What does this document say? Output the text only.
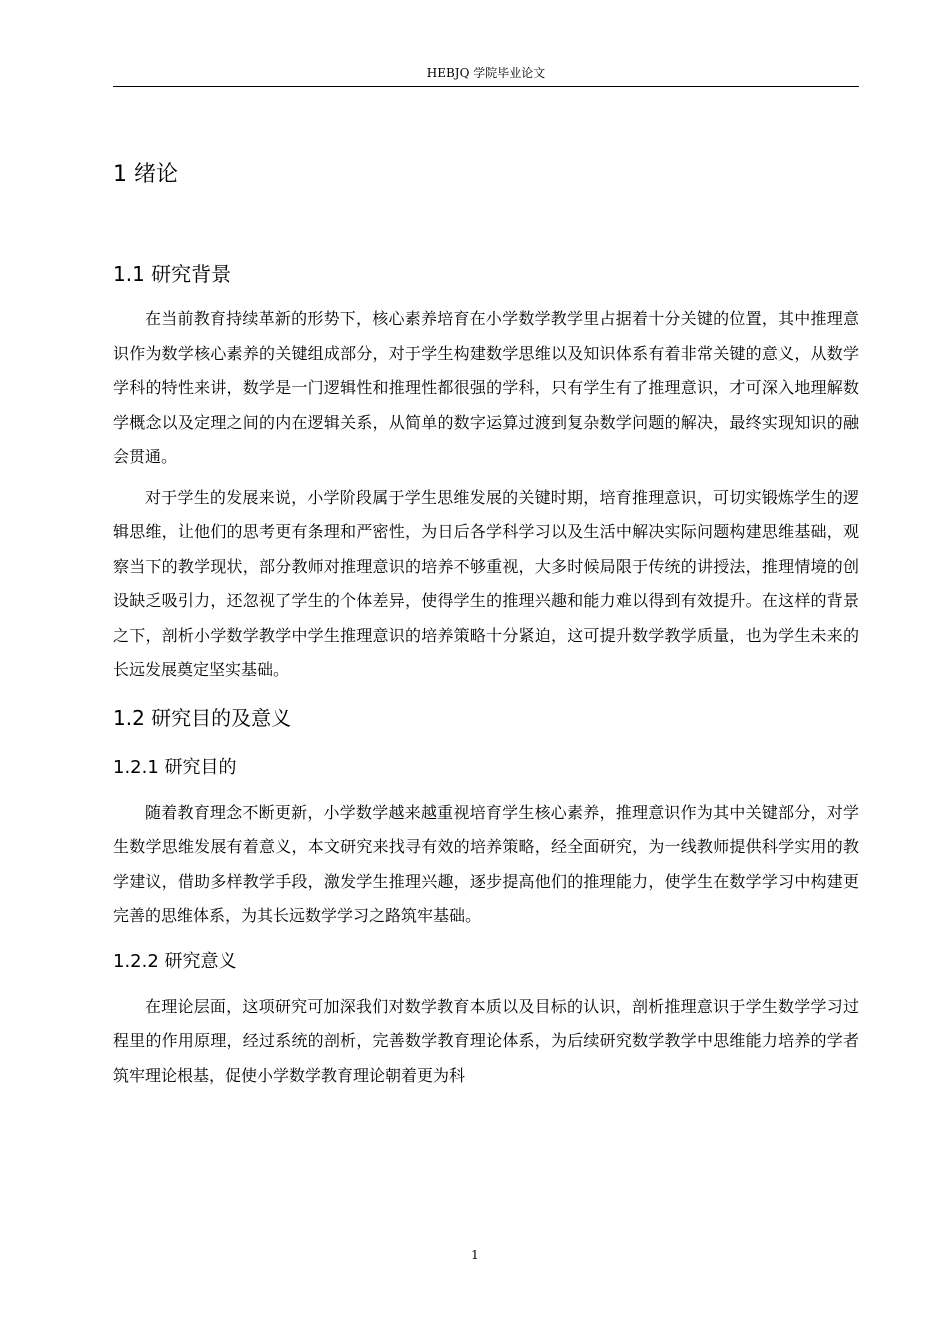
HEBJQ 学院毕业论文
1 绪论
1.1 研究背景

在当前教育持续革新的形势下，核心素养培育在小学数学教学里占据着十分关键的位置，其中推理意识作为数学核心素养的关键组成部分，对于学生构建数学思维以及知识体系有着非常关键的意义，从数学学科的特性来讲，数学是一门逻辑性和推理性都很强的学科，只有学生有了推理意识，才可深入地理解数学概念以及定理之间的内在逻辑关系，从简单的数字运算过渡到复杂数学问题的解决，最终实现知识的融会贯通。

对于学生的发展来说，小学阶段属于学生思维发展的关键时期，培育推理意识，可切实锻炼学生的逻辑思维，让他们的思考更有条理和严密性，为日后各学科学习以及生活中解决实际问题构建思维基础，观察当下的教学现状，部分教师对推理意识的培养不够重视，大多时候局限于传统的讲授法，推理情境的创设缺乏吸引力，还忽视了学生的个体差异，使得学生的推理兴趣和能力难以得到有效提升。在这样的背景之下，剖析小学数学教学中学生推理意识的培养策略十分紧迫，这可提升数学教学质量，也为学生未来的长远发展奠定坚实基础。

1.2 研究目的及意义
1.2.1 研究目的

随着教育理念不断更新，小学数学越来越重视培育学生核心素养，推理意识作为其中关键部分，对学生数学思维发展有着意义，本文研究来找寻有效的培养策略，经全面研究，为一线教师提供科学实用的教学建议，借助多样教学手段，激发学生推理兴趣，逐步提高他们的推理能力，使学生在数学学习中构建更完善的思维体系，为其长远数学学习之路筑牢基础。

1.2.2 研究意义

在理论层面，这项研究可加深我们对数学教育本质以及目标的认识，剖析推理意识于学生数学学习过程里的作用原理，经过系统的剖析，完善数学教育理论体系，为后续研究数学教学中思维能力培养的学者筑牢理论根基，促使小学数学教育理论朝着更为科

1
